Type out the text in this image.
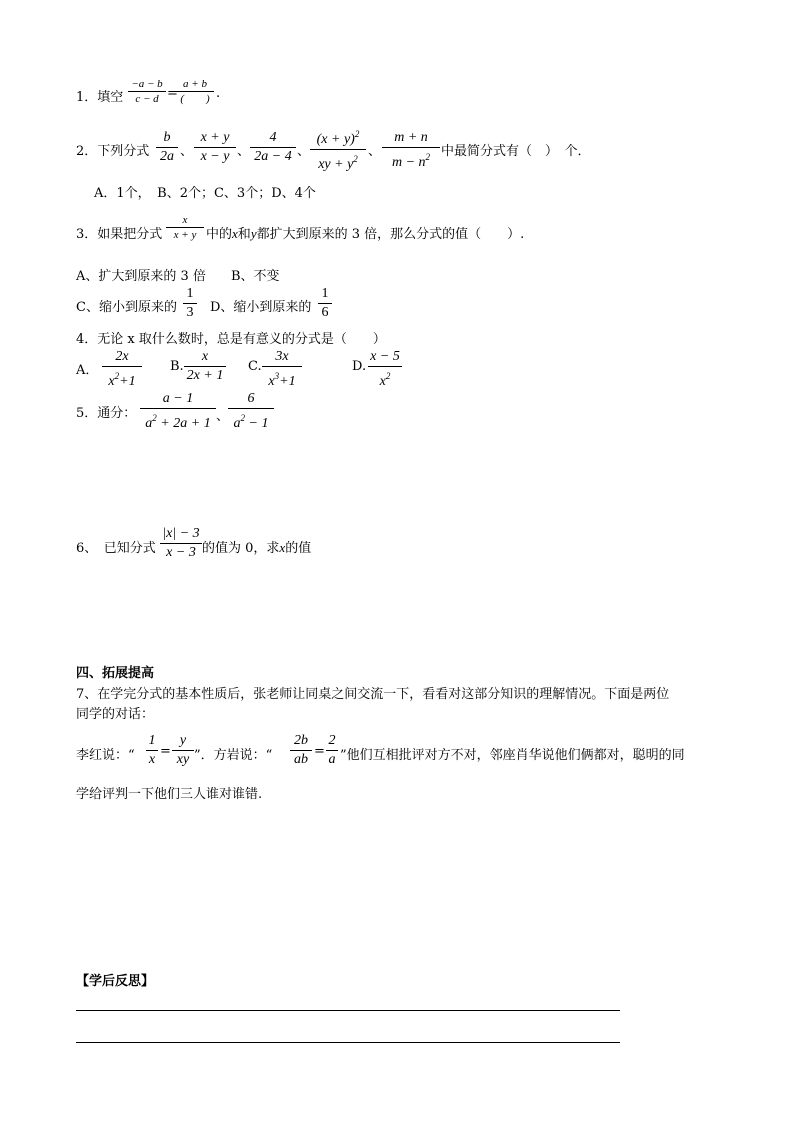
1．填空
−a − b
c − d =
a + b
(　　) .
2．下列分式
b
2a 、
x + y
x − y 、
4
2a − 4 、
$(x + y)^2$
xy + $y^2$ 、
m + n
$m - n^2$ 中最简分式有（　）　个．
A．1个，　B、2个；C、3个；D、4个
3．如果把分式
x
x + y 中的x和y都扩大到原来的 3 倍，那么分式的值（　　）.
A、扩大到原来的 3 倍 B、不变
C、缩小到原来的
1
3 D、缩小到原来的
1
6
4．无论 x 取什么数时，总是有意义的分式是（　　）
A．
2x
$x^2+1$
B.
x
2x + 1
C.
3x
$x^3+1$
D.
x − 5
$x^2$
5．通分：
a − 1
$a^2 + 2a + 1$ 、
6
$a^2 - 1$
6、　已知分式
|x| − 3
x − 3 的值为 0，求x的值
四、拓展提高
7、在学完分式的基本性质后，张老师让同桌之间交流一下，看看对这部分知识的理解情况。下面是两位
同学的对话：
李红说：“
1
x
=
y
xy ”．方岩说：“
2b
ab
=
2
a ”他们互相批评对方不对，邻座肖华说他们俩都对，聪明的同
学给评判一下他们三人谁对谁错.
【学后反思】
